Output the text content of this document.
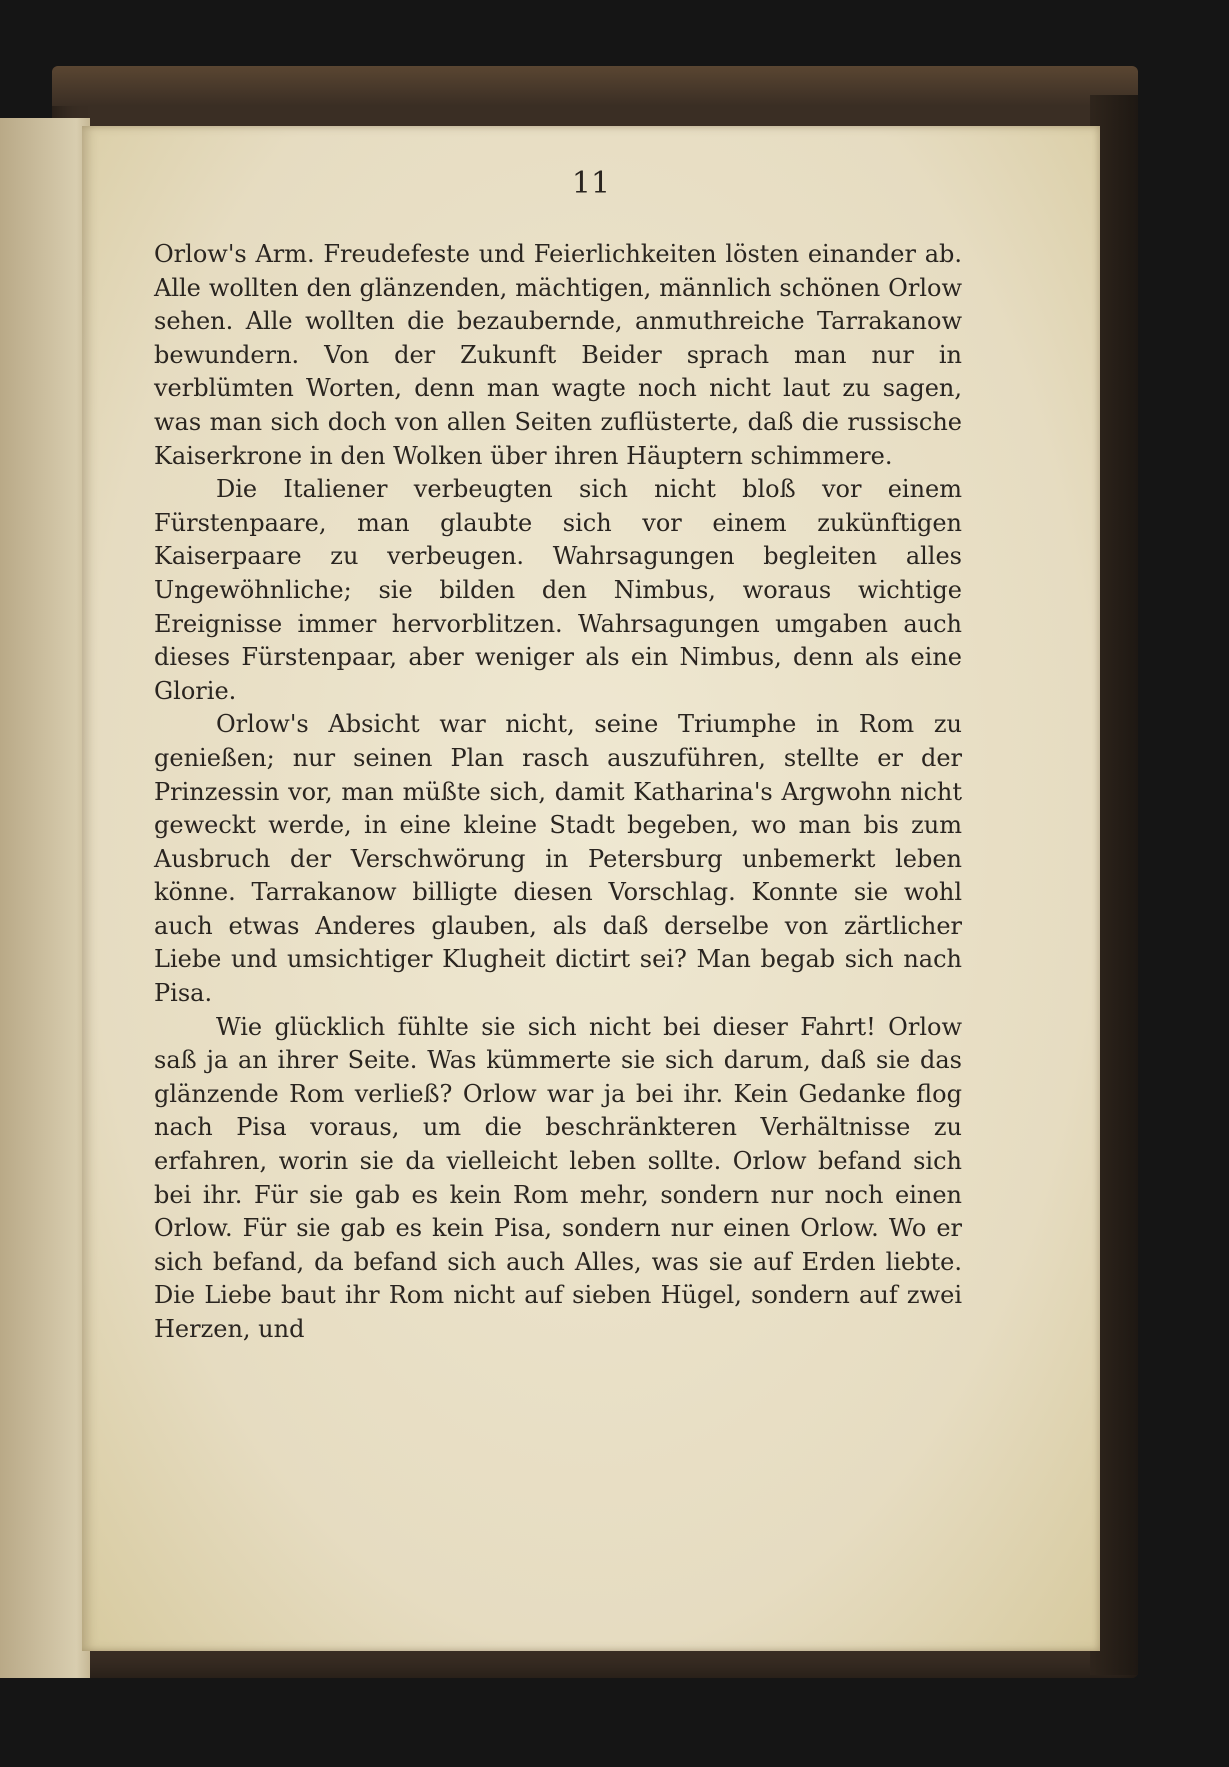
11

Orlow's Arm. Freudefeste und Feierlichkeiten lösten einander ab. Alle wollten den glänzenden, mächtigen, männlich schönen Orlow sehen. Alle wollten die bezaubernde, anmuthreiche Tarrakanow bewundern. Von der Zukunft Beider sprach man nur in verblümten Worten, denn man wagte noch nicht laut zu sagen, was man sich doch von allen Seiten zuflüsterte, daß die russische Kaiserkrone in den Wolken über ihren Häuptern schimmere.

Die Italiener verbeugten sich nicht bloß vor einem Fürstenpaare, man glaubte sich vor einem zukünftigen Kaiserpaare zu verbeugen. Wahrsagungen begleiten alles Ungewöhnliche; sie bilden den Nimbus, woraus wichtige Ereignisse immer hervorblitzen. Wahrsagungen umgaben auch dieses Fürstenpaar, aber weniger als ein Nimbus, denn als eine Glorie.

Orlow's Absicht war nicht, seine Triumphe in Rom zu genießen; nur seinen Plan rasch auszuführen, stellte er der Prinzessin vor, man müßte sich, damit Katharina's Argwohn nicht geweckt werde, in eine kleine Stadt begeben, wo man bis zum Ausbruch der Verschwörung in Petersburg unbemerkt leben könne. Tarrakanow billigte diesen Vorschlag. Konnte sie wohl auch etwas Anderes glauben, als daß derselbe von zärtlicher Liebe und umsichtiger Klugheit dictirt sei? Man begab sich nach Pisa.

Wie glücklich fühlte sie sich nicht bei dieser Fahrt! Orlow saß ja an ihrer Seite. Was kümmerte sie sich darum, daß sie das glänzende Rom verließ? Orlow war ja bei ihr. Kein Gedanke flog nach Pisa voraus, um die beschränkteren Verhältnisse zu erfahren, worin sie da vielleicht leben sollte. Orlow befand sich bei ihr. Für sie gab es kein Rom mehr, sondern nur noch einen Orlow. Für sie gab es kein Pisa, sondern nur einen Orlow. Wo er sich befand, da befand sich auch Alles, was sie auf Erden liebte. Die Liebe baut ihr Rom nicht auf sieben Hügel, sondern auf zwei Herzen, und
